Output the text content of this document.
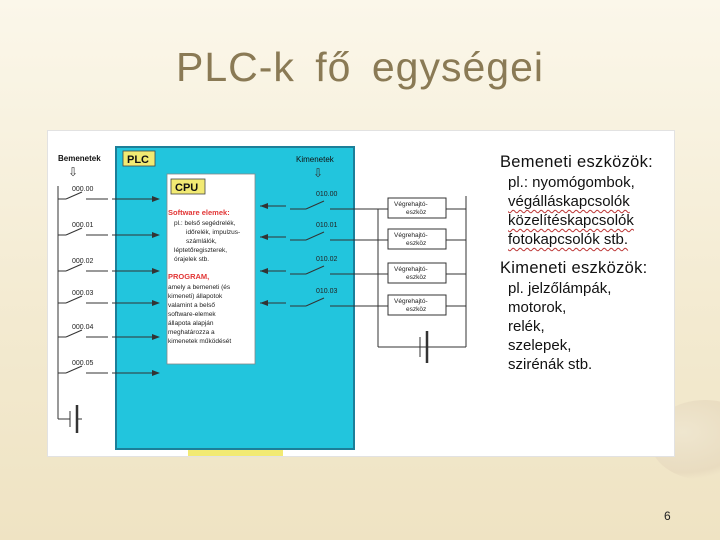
PLC-k fő egységei
PLC
CPU
Software elemek:
pl.: belső segédrelék,
időrelék, impulzus-
számlálók,
léptetőregiszterek,
órajelek stb.
PROGRAM,
amely a bemeneti (és
kimeneti) állapotok
valamint a belső
software-elemek
állapota alapján
meghatározza a
kimenetek működését
Bemenetek	Kimenetek
⇩	⇩
000.00
000.01
000.02
000.03
000.04
000.05
010.00
Végrehajtó-
eszköz
010.01
Végrehajtó-
eszköz
010.02
Végrehajtó-
eszköz
010.03
Végrehajtó-
eszköz
Bemeneti eszközök:
pl.: nyomógombok,
végálláskapcsolók
közelítéskapcsolók
fotokapcsolók stb.
Kimeneti eszközök:
pl. jelzőlámpák,
motorok,
relék,
szelepek,
szirénák stb.
6
